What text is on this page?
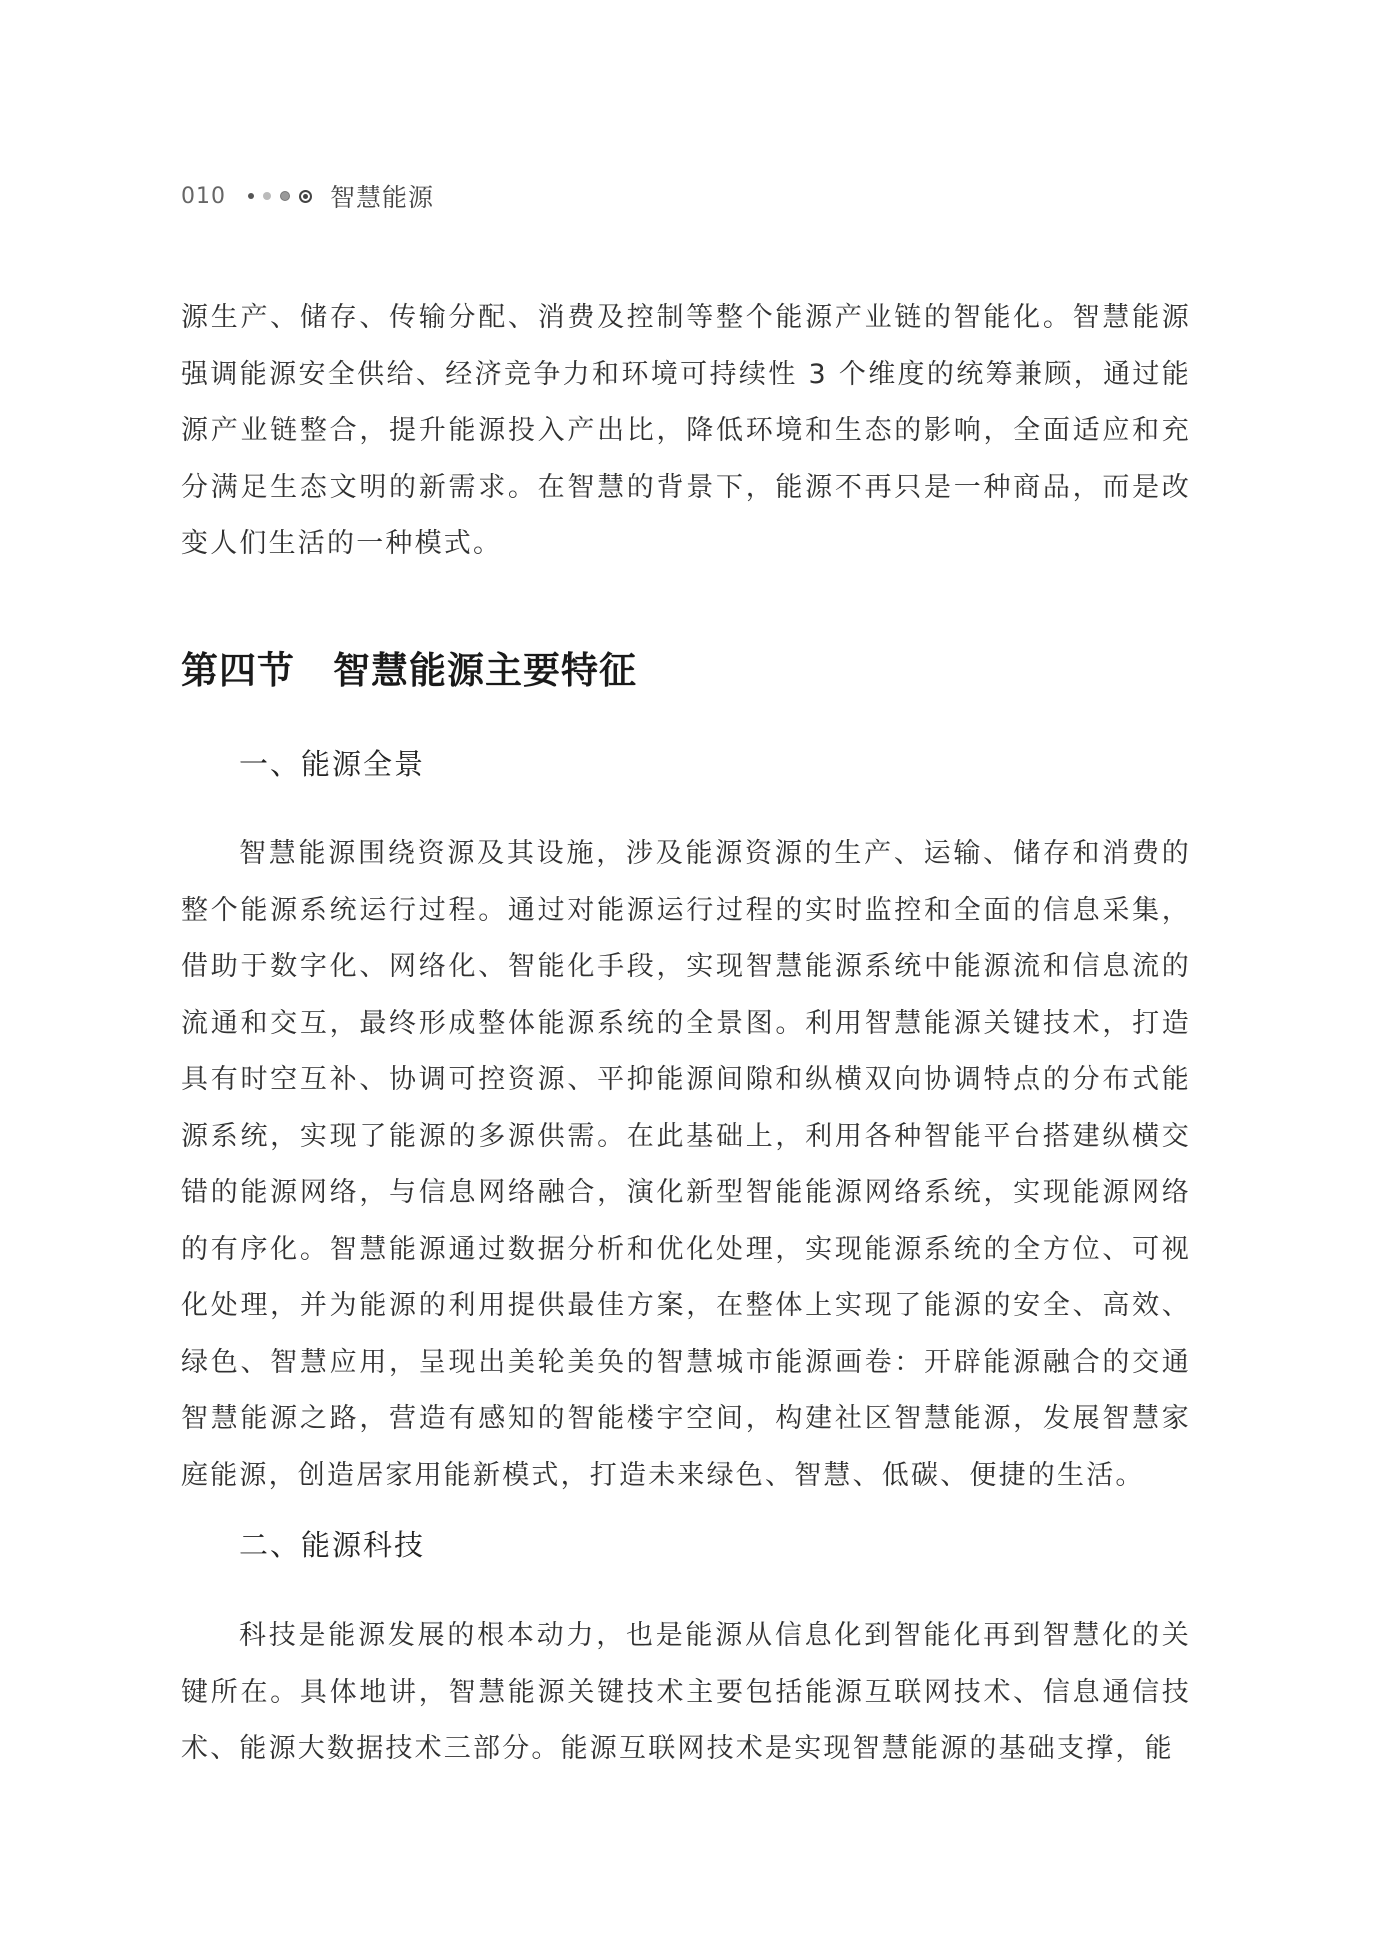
010	智慧能源

源生产、储存、传输分配、消费及控制等整个能源产业链的智能化。智慧能源强调能源安全供给、经济竞争力和环境可持续性 3 个维度的统筹兼顾，通过能源产业链整合，提升能源投入产出比，降低环境和生态的影响，全面适应和充分满足生态文明的新需求。在智慧的背景下，能源不再只是一种商品，而是改变人们生活的一种模式。

第四节　智慧能源主要特征
一、能源全景

智慧能源围绕资源及其设施，涉及能源资源的生产、运输、储存和消费的整个能源系统运行过程。通过对能源运行过程的实时监控和全面的信息采集，借助于数字化、网络化、智能化手段，实现智慧能源系统中能源流和信息流的流通和交互，最终形成整体能源系统的全景图。利用智慧能源关键技术，打造具有时空互补、协调可控资源、平抑能源间隙和纵横双向协调特点的分布式能源系统，实现了能源的多源供需。在此基础上，利用各种智能平台搭建纵横交错的能源网络，与信息网络融合，演化新型智能能源网络系统，实现能源网络的有序化。智慧能源通过数据分析和优化处理，实现能源系统的全方位、可视化处理，并为能源的利用提供最佳方案，在整体上实现了能源的安全、高效、绿色、智慧应用，呈现出美轮美奂的智慧城市能源画卷：开辟能源融合的交通智慧能源之路，营造有感知的智能楼宇空间，构建社区智慧能源，发展智慧家庭能源，创造居家用能新模式，打造未来绿色、智慧、低碳、便捷的生活。

二、能源科技

科技是能源发展的根本动力，也是能源从信息化到智能化再到智慧化的关键所在。具体地讲，智慧能源关键技术主要包括能源互联网技术、信息通信技术、能源大数据技术三部分。能源互联网技术是实现智慧能源的基础支撑，能
